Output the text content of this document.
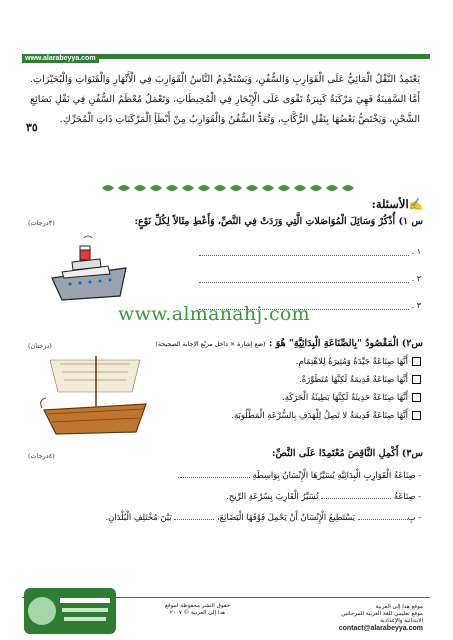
www.alarabeyya.com
يَعْتَمِدُ النَّقْلُ الْمَائِيُّ عَلَى الْقَوَارِبِ وَالسُّفُنِ، وَيَسْتَخْدِمُ النَّاسُ الْقَوَارِبَ فِي الْأَنْهَارِ وَالْقَنَوَاتِ وَالْبُحَيْرَاتِ. أَمَّا السَّفِينَةُ فَهِيَ مَرْكَبَةٌ كَبِيرَةٌ تَقْوَى عَلَى الْإِبْحَارِ فِي الْمُحِيطَاتِ، وَتَعْمَلُ مُعْظَمُ السُّفُنِ فِي نَقْلِ بَضَائِعِ الشَّحْنِ، وَيَخْتَصُّ بَعْضُهَا بِنَقْلِ الرُّكَّابِ، وَتُعَدُّ السُّفُنُ وَالْقَوَارِبُ مِنْ أَبْطَأِ الْمَرْكَبَاتِ ذَاتِ الْمُحَرِّكِ.
٣٥
✍الأسئلة:
س ١) أُذْكُرْ وَسَائِلَ الْمُوَاصَلاتِ الَّتِي وَرَدَتْ فِي النَّصِّ، وَأَعْطِ مِثَالاً لِكُلِّ نَوْعٍ:
(٣درجات)
١ .
٢ .
٣ .
www.almanahj.com
س٢) الْمَقْصُودُ "بِالصِّنَاعَةِ الْبِدَائِيَّةِ" هُوَ : (ضع إشارة × داخل مربّع الإجابة الصحيحة)
(درجتان)
أَنَّهَا صِنَاعَةٌ جَيِّدَةٌ وَمُثِيرَةٌ لِلاهْتِمَامِ.
أَنَّهَا صِنَاعَةٌ قَدِيمَةٌ لَكِنَّهَا مُتَطَوِّرَةٌ.
أَنَّهَا صِنَاعَةٌ حَدِيثَةٌ لَكِنَّهَا بَطِيئَةُ الْحَرَكَةِ.
أَنَّهَا صِنَاعَةٌ قَدِيمَةٌ لا تَصِلُ لِلْهَدَفِ بِالسُّرْعَةِ الْمَطْلُوبَةِ.
س٣) أَكْمِلِ النَّاقِصَ مُعْتَمِدًا عَلَى النَّصِّ:
(٤درجات)
- صِنَاعَةُ الْقَوَارِبِ الْبِدَائِيَّةِ يُسَيِّرُهَا الْإِنْسَانُ بِوَاسِطَةِ .
- صِنَاعَةُ  تُسَيِّرُ الْقَارِبَ بِسُرْعَةِ الرِّيحِ.
- بِ يَسْتَطِيعُ الْإِنْسَانُ أَنْ يَحْمِلَ فَوْقَهَا الْبَضَائِعَ،  بَيْنَ مُخْتَلِفِ الْبُلْدَانِ.
حقوق النشر محفوظة لموقع
هدا إلى العربية © ٢٠٠٧
موقع هدا إلى العربية
موقع تعليمي للغة العربية للمرحلتين
الابتدائية والإعدادية
contact@alarabeyya.com
